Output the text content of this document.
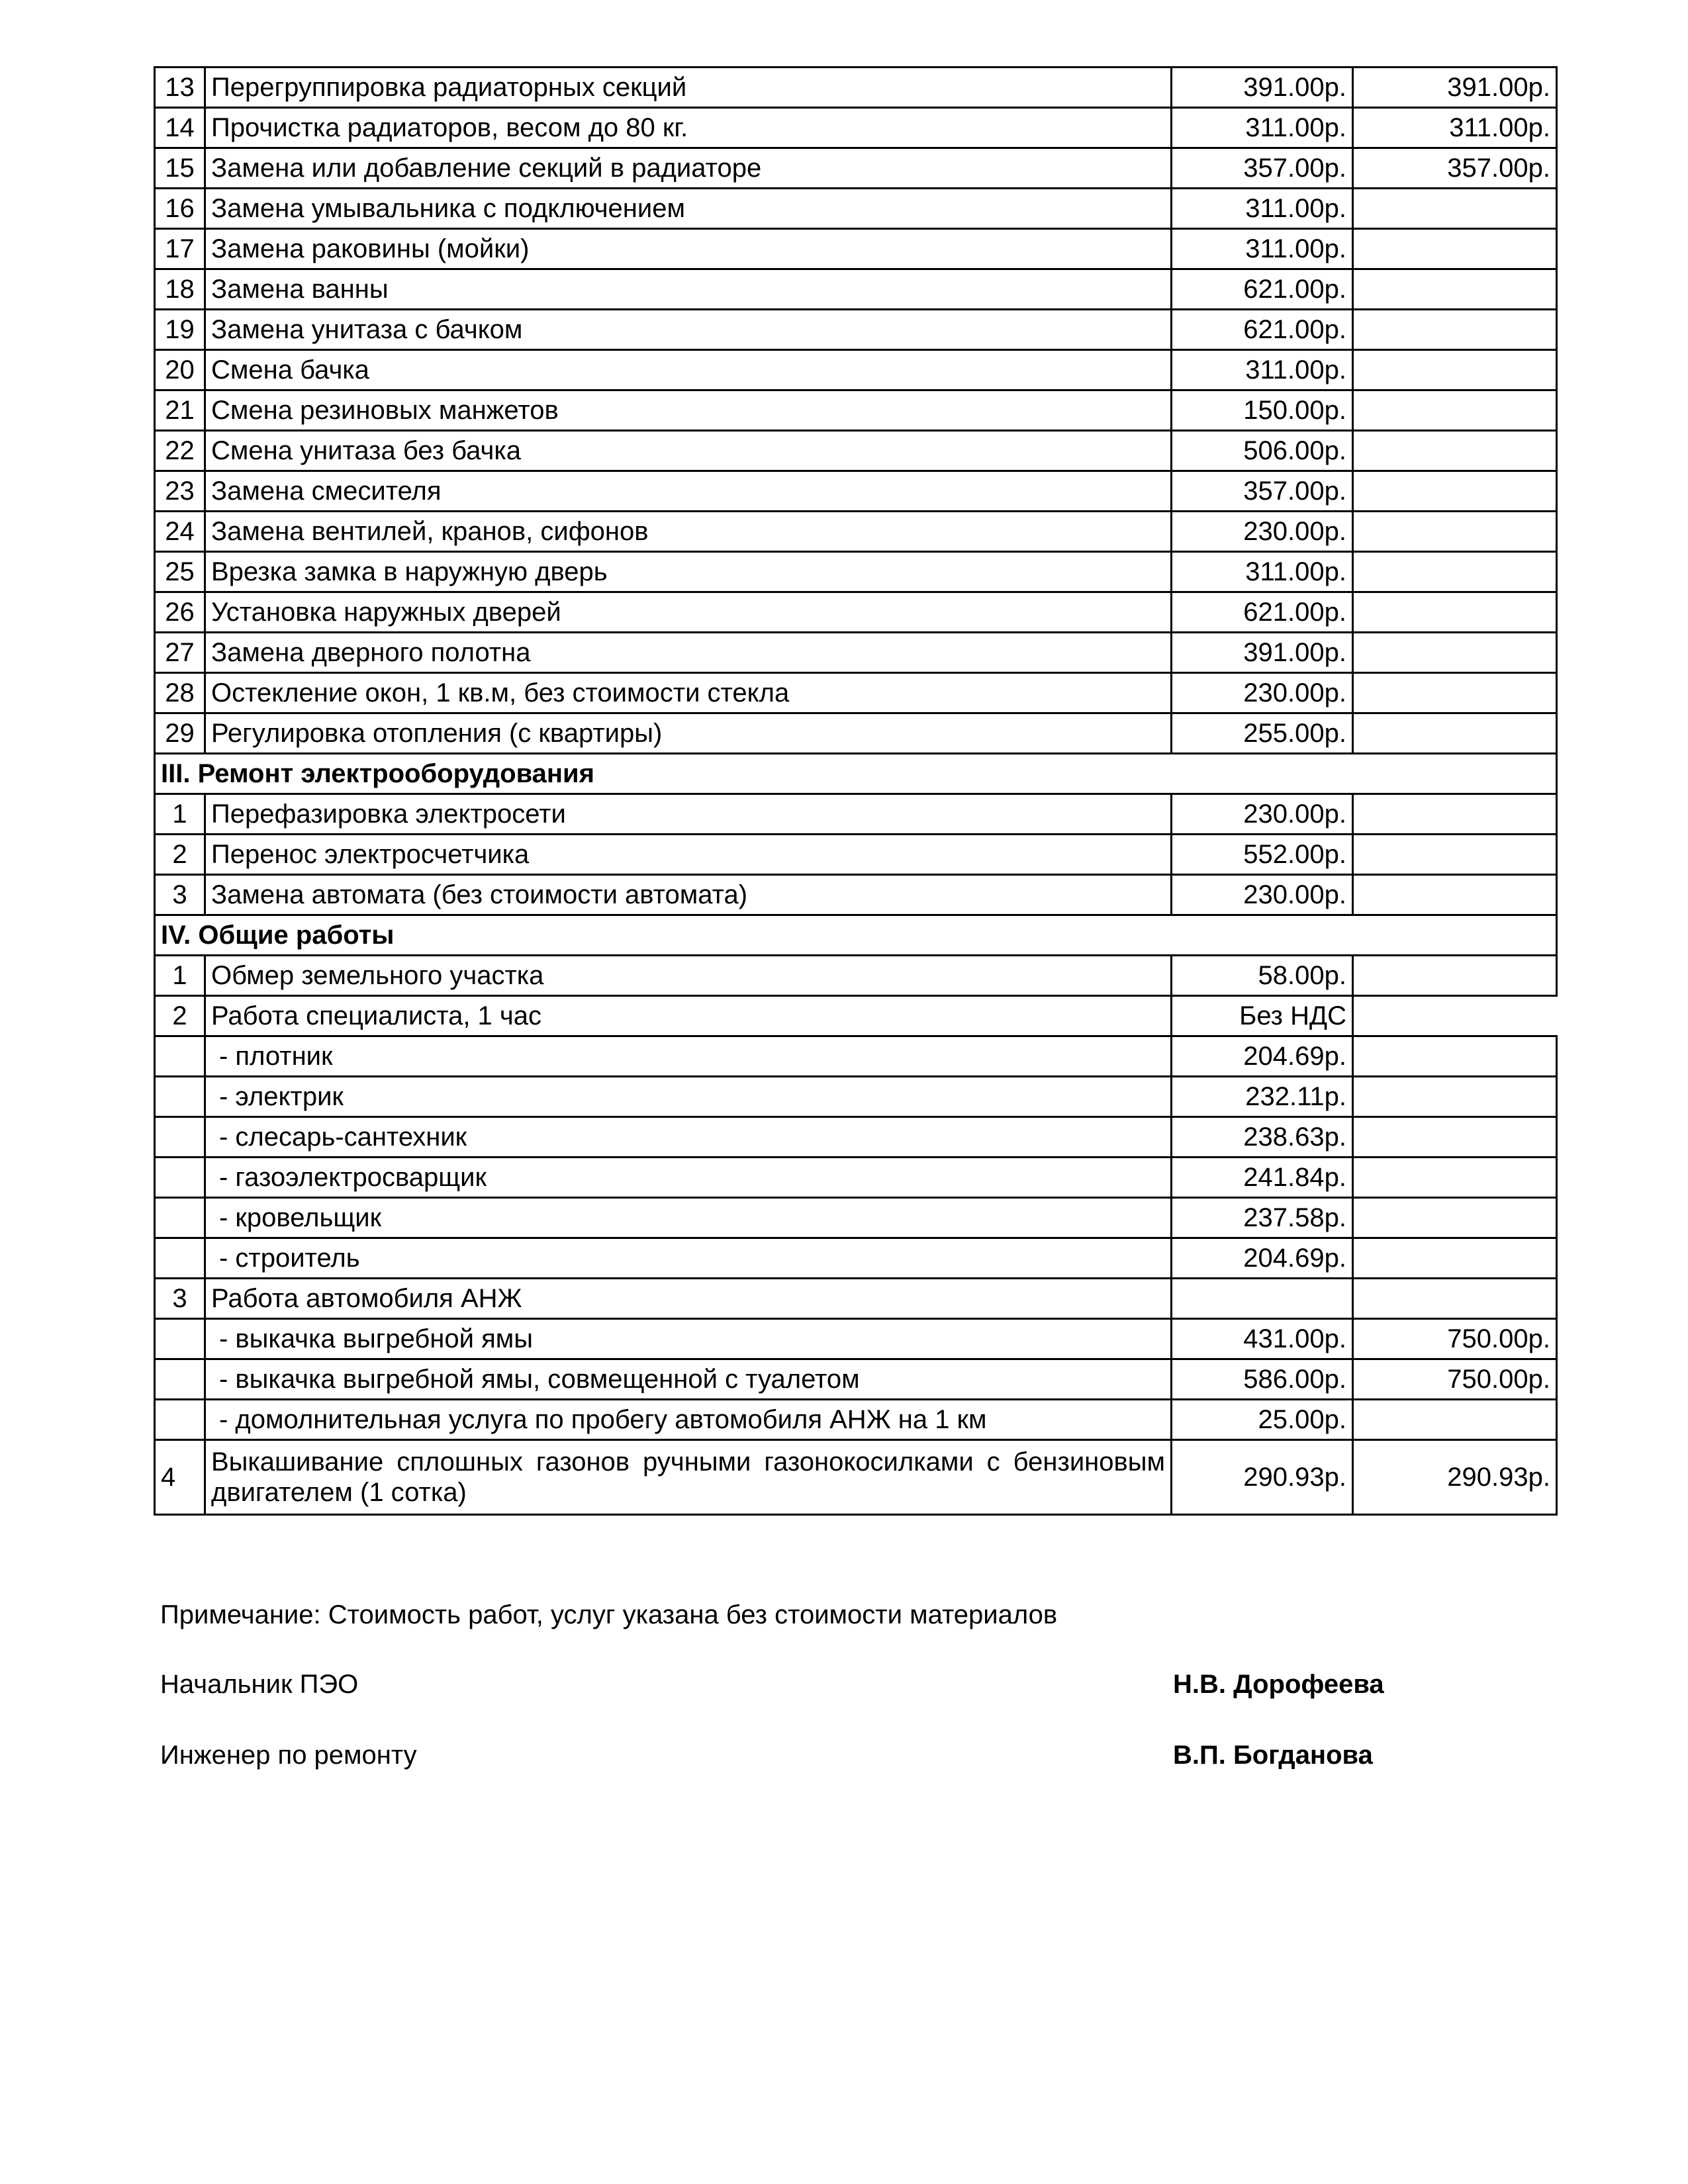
13	Перегруппировка радиаторных секций	391.00р.	391.00р.
14	Прочистка радиаторов, весом до 80 кг.	311.00р.	311.00р.
15	Замена или добавление секций в радиаторе	357.00р.	357.00р.
16	Замена умывальника с подключением	311.00р.	
17	Замена раковины (мойки)	311.00р.	
18	Замена ванны	621.00р.	
19	Замена унитаза с бачком	621.00р.	
20	Смена бачка	311.00р.	
21	Смена резиновых манжетов	150.00р.	
22	Смена унитаза без бачка	506.00р.	
23	Замена смесителя	357.00р.	
24	Замена вентилей, кранов, сифонов	230.00р.	
25	Врезка замка в наружную дверь	311.00р.	
26	Установка наружных дверей	621.00р.	
27	Замена дверного полотна	391.00р.	
28	Остекление окон, 1 кв.м, без стоимости стекла	230.00р.	
29	Регулировка отопления (с квартиры)	255.00р.	
III. Ремонт электрооборудования			
1	Перефазировка электросети	230.00р.	
2	Перенос электросчетчика	552.00р.	
3	Замена автомата (без стоимости автомата)	230.00р.	
IV. Общие работы			
1	Обмер земельного участка	58.00р.	
2	Работа специалиста, 1 час	Без НДС	
	- плотник	204.69р.	
	- электрик	232.11р.	
	- слесарь-сантехник	238.63р.	
	- газоэлектросварщик	241.84р.	
	- кровельщик	237.58р.	
	- строитель	204.69р.	
3	Работа автомобиля АНЖ		
	- выкачка выгребной ямы	431.00р.	750.00р.
	- выкачка выгребной ямы, совмещенной с туалетом	586.00р.	750.00р.
	- домолнительная услуга по пробегу автомобиля АНЖ на 1 км	25.00р.	
4	Выкашивание сплошных газонов ручными газонокосилками с бензиновым двигателем (1 сотка)	290.93р.	290.93р.
Примечание: Стоимость работ, услуг указана без стоимости материалов
Начальник ПЭО	Н.В. Дорофеева
Инженер по ремонту	В.П. Богданова
